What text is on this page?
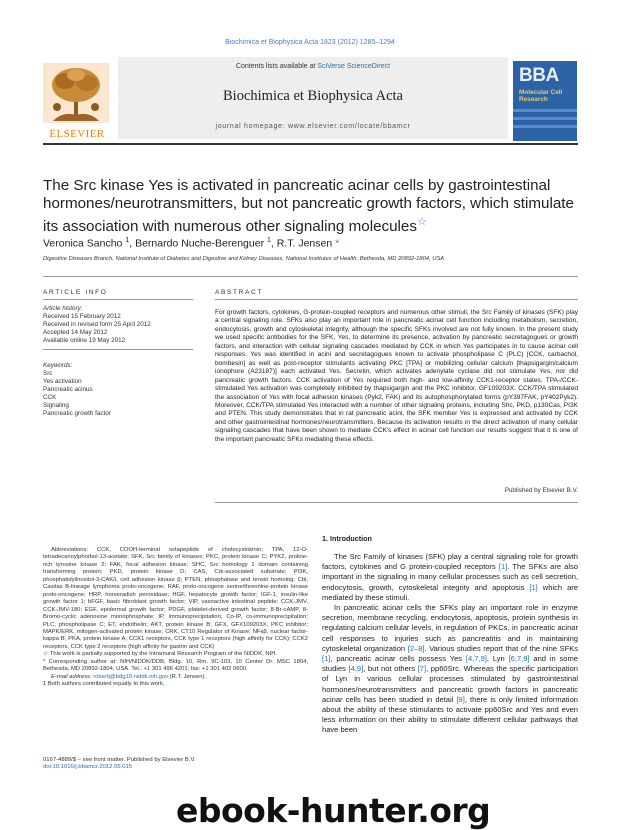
Biochimica et Biophysica Acta 1823 (2012) 1285–1294
ELSEVIER
Contents lists available at SciVerse ScienceDirect
Biochimica et Biophysica Acta
journal homepage: www.elsevier.com/locate/bbamcr
BBA
Molecular Cell Research
The Src kinase Yes is activated in pancreatic acinar cells by gastrointestinal hormones/neurotransmitters, but not pancreatic growth factors, which stimulate its association with numerous other signaling molecules☆
Veronica Sancho $^1$, Bernardo Nuche-Berenguer $^1$, R.T. Jensen *
Digestive Diseases Branch, National Institute of Diabetes and Digestive and Kidney Diseases, National Institutes of Health, Bethesda, MD 20892-1804, USA
ARTICLE INFO
Article history:
Received 15 February 2012
Received in revised form 25 April 2012
Accepted 14 May 2012
Available online 19 May 2012
Keywords:
Src
Yes activation
Pancreatic acinus
CCK
Signaling
Pancreatic growth factor
ABSTRACT
For growth factors, cytokines, G-protein-coupled receptors and numerous other stimuli, the Src Family of kinases (SFK) play a central signaling role. SFKs also play an important role in pancreatic acinar cell function including metabolism, secretion, endocytosis, growth and cytoskeletal integrity, although the specific SFKs involved are not fully known. In the present study we used specific antibodies for the SFK, Yes, to determine its presence, activation by pancreatic secretagogues or growth factors, and interaction with cellular signaling cascades mediated by CCK in which Yes participates in to cause acinar cell responses. Yes was identified in acini and secretagogues known to activate phospholipase C (PLC) [CCK, carbachol, bombesin] as well as post-receptor stimulants activating PKC [TPA] or mobilizing cellular calcium [thapsigargin/calcium ionophore (A23187)] each activated Yes. Secretin, which activates adenylate cyclase did not stimulate Yes, nor did pancreatic growth factors. CCK activation of Yes required both high- and low-affinity CCK1-receptor states. TPA-/CCK-stimulated Yes activation was completely inhibited by thapsigargin and the PKC inhibitor, GF109203X. CCK/TPA stimulated the association of Yes with focal adhesion kinases (Pyk2, FAK) and its autophosphorylated forms (pY397FAK, pY402Pyk2). Moreover, CCK/TPA stimulated Yes interacted with a number of other signaling proteins, including Shc, PKD, p130Cas, PI3K and PTEN. This study demonstrates that in rat pancreatic acini, the SFK member Yes is expressed and activated by CCK and other gastrointestinal hormones/neurotransmitters. Because its activation results in the direct activation of many cellular signaling cascades that have been shown to mediate CCK's effect in acinar cell function our results suggest that it is one of the important pancreatic SFKs mediating these effects.
Published by Elsevier B.V.
Abbreviations: CCK, COOH-terminal octapeptide of cholecystokinin; TPA, 12-O-tetradecanoylphorbol-13-acetate; SFK, Src family of kinases; PKC, protein kinase C; PYK2, proline-rich tyrosine kinase 2; FAK, focal adhesion kinase; SHC, Src homology 1 domain containing transforming protein; PKD, protein kinase D; CAS, Crk-associated substrate; PI3K, phosphatidylinositol-3-CAK/i, cell adhesion kinase β; PTEN, phosphatase and tensin homolog; Cbl, Casitas B-lineage lymphoma proto-oncogene; RAF, proto-oncogene serine/threonine-protein kinase proto-oncogene; HRP, horseradish peroxidase; HGF, hepatocyte growth factor; IGF-1, insulin-like growth factor 1; bFGF, basic fibroblast growth factor; VIP, vasoactive intestinal peptide; CCK-JMV, CCK-JMV-180; EGF, epidermal growth factor; PDGF, platelet-derived growth factor; 8-Br-cAMP, 8-Bromo-cyclic adenosine monophosphate; IP, immunoprecipitation; Co-IP, co-immunoprecipitation; PLC, phospholipase C; ET, endothelin; AKT, protein kinase B; GFX, GFX109203X, PKC inhibitor; MAPK/ERK, mitogen-activated protein kinase; CRK, CT10 Regulator of Kinase; NFκβ, nuclear factor-kappa B; PKA, protein kinase A; CCK1 receptors, CCK type 1 receptors (high affinity for CCK); CCK2 receptors, CCK type 2 receptors (high affinity for gastrin and CCK)
☆ This work is partially supported by the Intramural Research Program of the NIDDK, NIH.
* Corresponding author at: NIH/NIDDK/DDB, Bldg. 10, Rm. 9C-103, 10 Center Dr. MSC 1804, Bethesda, MD 20892-1804, USA. Tel.: +1 301 496 4201; fax: +1 301 402 0600.
E-mail address: robertj@bdg10.niddk.nih.gov (R.T. Jensen).
1 Both authors contributed equally to this work.
1. Introduction

The Src Family of kinases (SFK) play a central signaling role for growth factors, cytokines and G protein-coupled receptors [1]. The SFKs are also important in the signaling in many cellular processes such as cell secretion, endocytosis, growth, cytoskeletal integrity and apoptosis [1] which are mediated by these stimuli.

In pancreatic acinar cells the SFKs play an important role in enzyme secretion, membrane recycling, endocytosis, apoptosis, protein synthesis in regulating calcium cellular levels, in regulation of PKCs, in pancreatic acinar cell responses to injuries such as pancreatitis and in maintaining cytoskeletal organization [2–8]. Various studies report that of the nine SFKs [1], pancreatic acinar cells possess Yes [4,7,9], Lyn [6,7,9] and in some studies [4,9], but not others [7], pp60Src. Whereas the specific participation of Lyn in various cellular processes stimulated by gastrointestinal hormones/neurotransmitters and pancreatic growth factors in pancreatic acinar cells has been studied in detail [9], there is only limited information about the ability of these stimulants to activate pp60Src and Yes and even less information on their ability to stimulate different cellular pathways that have been

0167-4889/$ – see front matter. Published by Elsevier B.V.
doi:10.1016/j.bbamcr.2012.05.015
ebook-hunter.org
